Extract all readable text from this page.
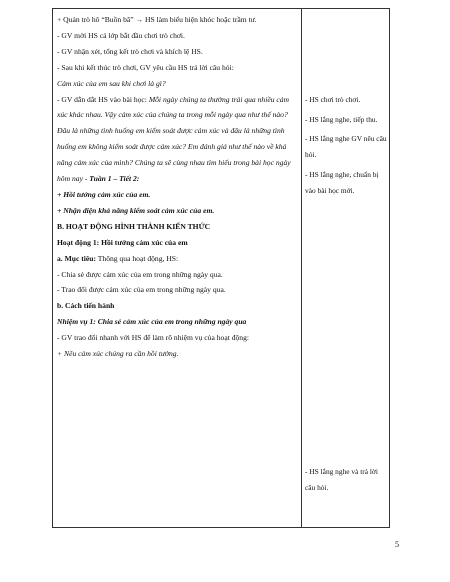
+ Quản trò hô “Buồn bã” → HS làm biểu hiện khóc hoặc trầm tư.

- GV mời HS cả lớp bắt đầu chơi trò chơi.

- GV nhận xét, tổng kết trò chơi và khích lệ HS.

- Sau khi kết thúc trò chơi, GV yêu cầu HS trả lời câu hỏi:

Cảm xúc của em sau khi chơi là gì?

- GV dẫn dắt HS vào bài học: Mỗi ngày chúng ta thường trải qua nhiều cảm xúc khác nhau. Vậy cảm xúc của chúng ta trong mỗi ngày qua như thế nào? Đâu là những tình huống em kiểm soát được cảm xúc và đâu là những tình huống em không kiểm soát được cảm xúc? Em đánh giá như thế nào về khả năng cảm xúc của mình? Chúng ta sẽ cùng nhau tìm hiểu trong bài học ngày hôm nay - Tuần 1 – Tiết 2:

+ Hồi tưởng cảm xúc của em.

+ Nhận diện khả năng kiểm soát cảm xúc của em.

B. HOẠT ĐỘNG HÌNH THÀNH KIẾN THỨC

Hoạt động 1: Hồi tưởng cảm xúc của em

a. Mục tiêu: Thông qua hoạt động, HS:

- Chia sẻ được cảm xúc của em trong những ngày qua.

- Trao đổi được cảm xúc của em trong những ngày qua.

b. Cách tiến hành

Nhiệm vụ 1: Chia sẻ cảm xúc của em trong những ngày qua

- GV trao đổi nhanh với HS để làm rõ nhiệm vụ của hoạt động:

+ Nêu cảm xúc chúng ra cần hồi tưởng.

- HS chơi trò chơi.
- HS lắng nghe, tiếp thu.
- HS lắng nghe GV nêu câu hỏi.
- HS lắng nghe, chuẩn bị vào bài học mới.
- HS lắng nghe và trả lời câu hỏi.
5
